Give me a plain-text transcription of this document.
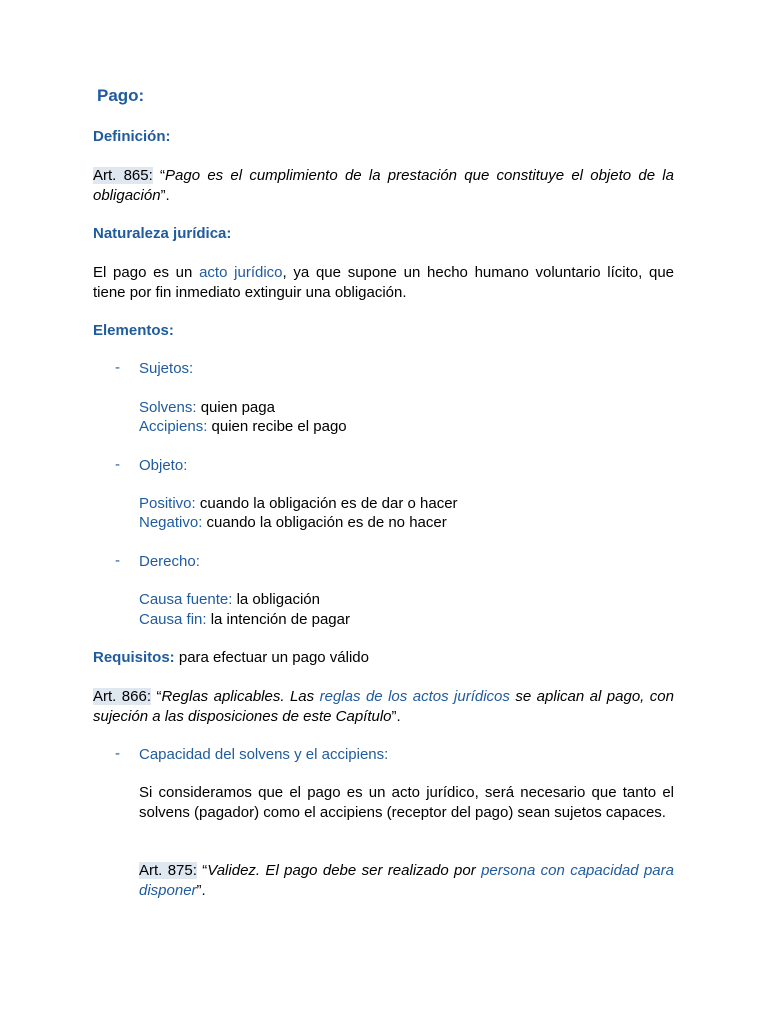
Pago:
Definición:
Art. 865: “Pago es el cumplimiento de la prestación que constituye el objeto de la obligación”.
Naturaleza jurídica:
El pago es un acto jurídico, ya que supone un hecho humano voluntario lícito, que tiene por fin inmediato extinguir una obligación.
Elementos:
- Sujetos:
Solvens: quien paga
Accipiens: quien recibe el pago
- Objeto:
Positivo: cuando la obligación es de dar o hacer
Negativo: cuando la obligación es de no hacer
- Derecho:
Causa fuente: la obligación
Causa fin: la intención de pagar
Requisitos: para efectuar un pago válido
Art. 866: “Reglas aplicables. Las reglas de los actos jurídicos se aplican al pago, con sujeción a las disposiciones de este Capítulo”.
- Capacidad del solvens y el accipiens:
Si consideramos que el pago es un acto jurídico, será necesario que tanto el solvens (pagador) como el accipiens (receptor del pago) sean sujetos capaces.
Art. 875: “Validez. El pago debe ser realizado por persona con capacidad para disponer”.
